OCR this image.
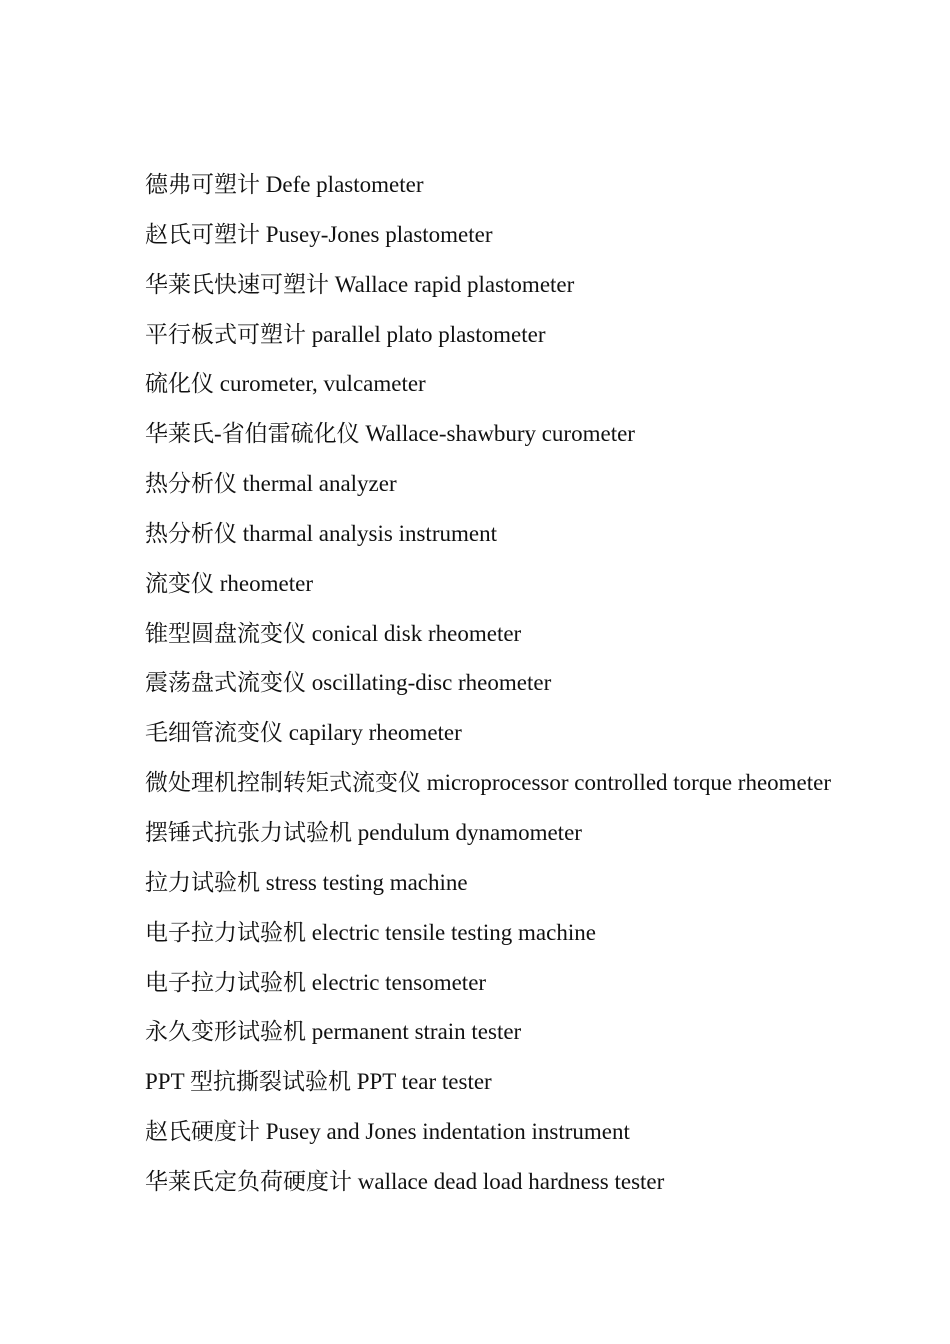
德弗可塑计 Defe plastometer
赵氏可塑计 Pusey-Jones plastometer
华莱氏快速可塑计 Wallace rapid plastometer
平行板式可塑计 parallel plato plastometer
硫化仪 curometer, vulcameter
华莱氏-省伯雷硫化仪 Wallace-shawbury curometer
热分析仪 thermal analyzer
热分析仪 tharmal analysis instrument
流变仪 rheometer
锥型圆盘流变仪 conical disk rheometer
震荡盘式流变仪 oscillating-disc rheometer
毛细管流变仪 capilary rheometer
微处理机控制转矩式流变仪 microprocessor controlled torque rheometer
摆锤式抗张力试验机 pendulum dynamometer
拉力试验机 stress testing machine
电子拉力试验机 electric tensile testing machine
电子拉力试验机 electric tensometer
永久变形试验机 permanent strain tester
PPT 型抗撕裂试验机 PPT tear tester
赵氏硬度计 Pusey and Jones indentation instrument
华莱氏定负荷硬度计 wallace dead load hardness tester
